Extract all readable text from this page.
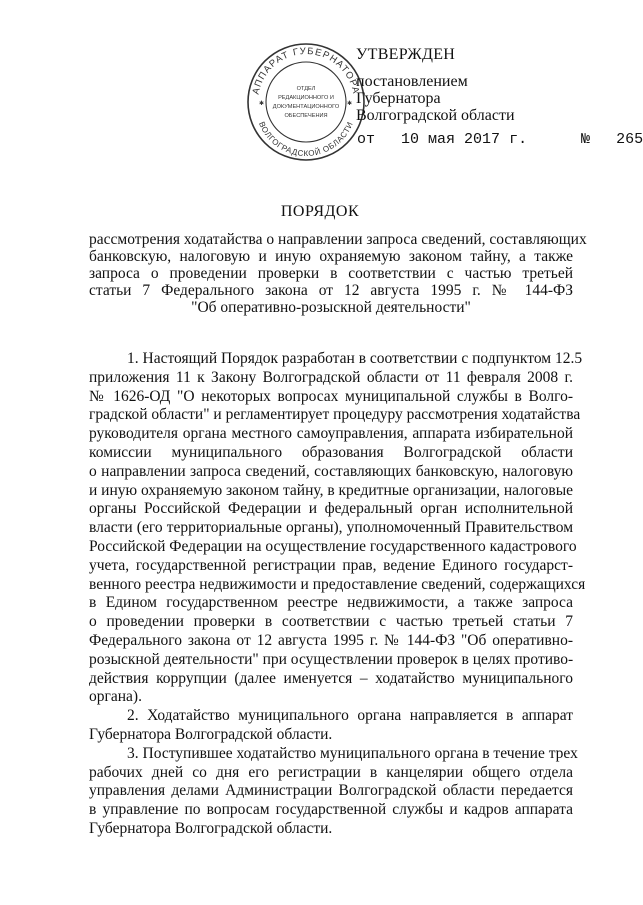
АППАРАТ ГУБЕРНАТОРА
ВОЛГОГРАДСКОЙ ОБЛАСТИ
✱	✱
ОТДЕЛ
РЕДАКЦИОННОГО И
ДОКУМЕНТАЦИОННОГО
ОБЕСПЕЧЕНИЯ
УТВЕРЖДЕН
постановлением
Губернатора
Волгоградской области
от 10 мая 2017 г.	№ 265
ПОРЯДОК
рассмотрения ходатайства о направлении запроса сведений, составляющих
банковскую, налоговую и иную охраняемую законом тайну, а также
запроса о проведении проверки в соответствии с частью третьей
статьи 7 Федерального закона от 12 августа 1995 г. № 144-ФЗ
"Об оперативно-розыскной деятельности"
1. Настоящий Порядок разработан в соответствии с подпунктом 12.5
приложения 11 к Закону Волгоградской области от 11 февраля 2008 г.
№ 1626-ОД "О некоторых вопросах муниципальной службы в Волго-
градской области" и регламентирует процедуру рассмотрения ходатайства
руководителя органа местного самоуправления, аппарата избирательной
комиссии муниципального образования Волгоградской области
о направлении запроса сведений, составляющих банковскую, налоговую
и иную охраняемую законом тайну, в кредитные организации, налоговые
органы Российской Федерации и федеральный орган исполнительной
власти (его территориальные органы), уполномоченный Правительством
Российской Федерации на осуществление государственного кадастрового
учета, государственной регистрации прав, ведение Единого государст-
венного реестра недвижимости и предоставление сведений, содержащихся
в Едином государственном реестре недвижимости, а также запроса
о проведении проверки в соответствии с частью третьей статьи 7
Федерального закона от 12 августа 1995 г. № 144-ФЗ "Об оперативно-
розыскной деятельности" при осуществлении проверок в целях противо-
действия коррупции (далее именуется – ходатайство муниципального
органа).
2. Ходатайство муниципального органа направляется в аппарат
Губернатора Волгоградской области.
3. Поступившее ходатайство муниципального органа в течение трех
рабочих дней со дня его регистрации в канцелярии общего отдела
управления делами Администрации Волгоградской области передается
в управление по вопросам государственной службы и кадров аппарата
Губернатора Волгоградской области.
